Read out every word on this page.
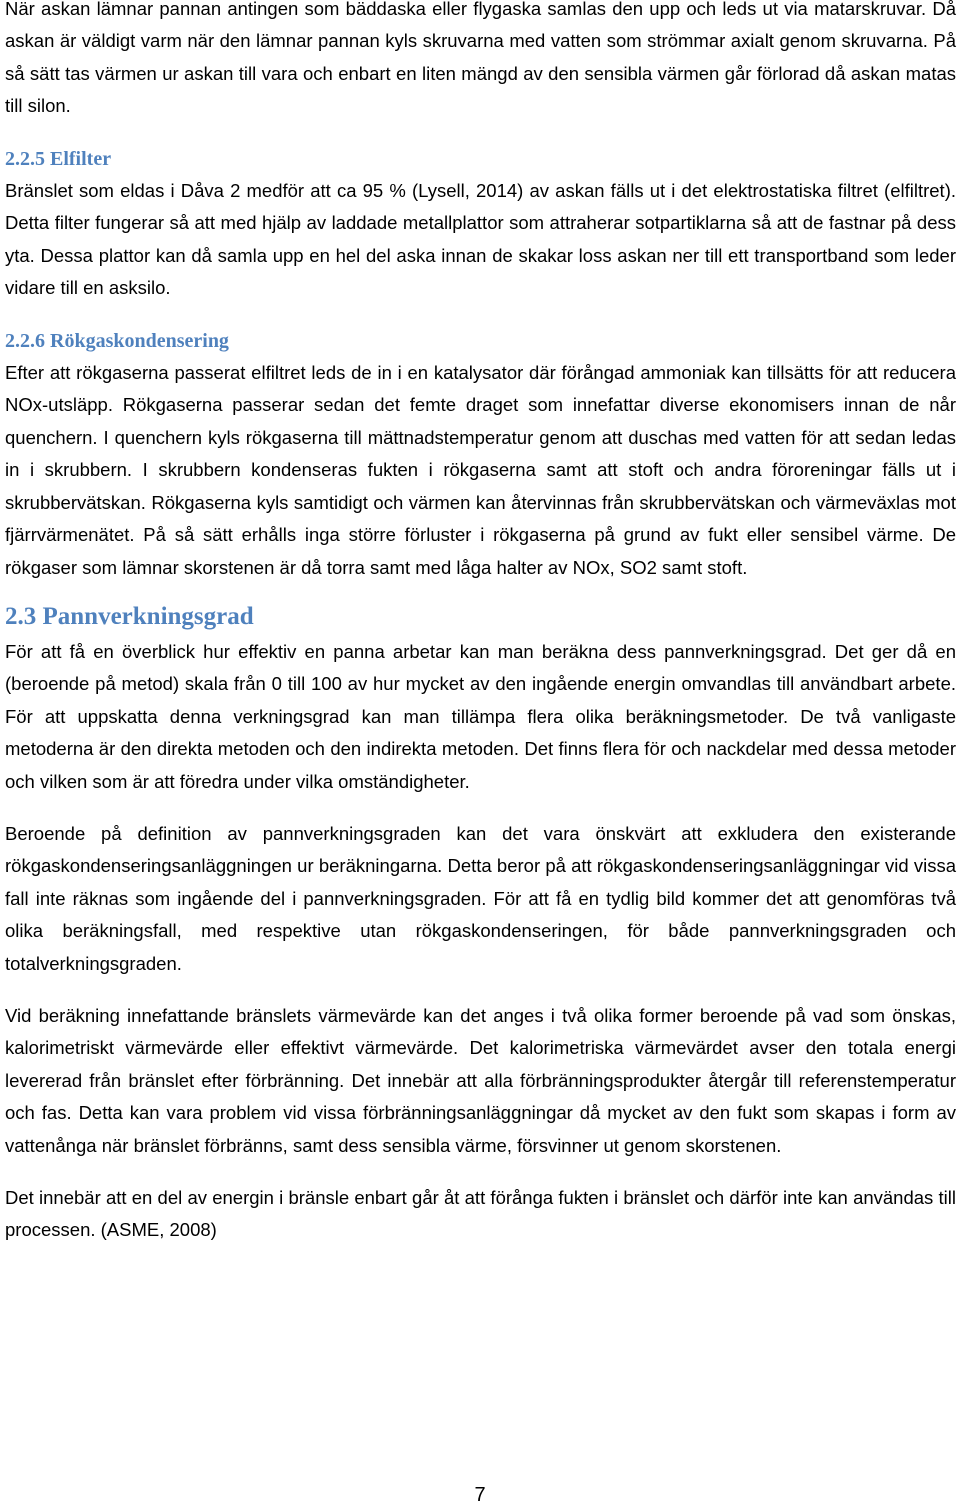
När askan lämnar pannan antingen som bäddaska eller flygaska samlas den upp och leds ut via matarskruvar. Då askan är väldigt varm när den lämnar pannan kyls skruvarna med vatten som strömmar axialt genom skruvarna. På så sätt tas värmen ur askan till vara och enbart en liten mängd av den sensibla värmen går förlorad då askan matas till silon.

2.2.5 Elfilter

Bränslet som eldas i Dåva 2 medför att ca 95 % (Lysell, 2014) av askan fälls ut i det elektrostatiska filtret (elfiltret). Detta filter fungerar så att med hjälp av laddade metallplattor som attraherar sotpartiklarna så att de fastnar på dess yta. Dessa plattor kan då samla upp en hel del aska innan de skakar loss askan ner till ett transportband som leder vidare till en asksilo.

2.2.6 Rökgaskondensering

Efter att rökgaserna passerat elfiltret leds de in i en katalysator där förångad ammoniak kan tillsätts för att reducera NOx-utsläpp. Rökgaserna passerar sedan det femte draget som innefattar diverse ekonomisers innan de når quenchern. I quenchern kyls rökgaserna till mättnadstemperatur genom att duschas med vatten för att sedan ledas in i skrubbern. I skrubbern kondenseras fukten i rökgaserna samt att stoft och andra föroreningar fälls ut i skrubbervätskan. Rökgaserna kyls samtidigt och värmen kan återvinnas från skrubbervätskan och värmeväxlas mot fjärrvärmenätet. På så sätt erhålls inga större förluster i rökgaserna på grund av fukt eller sensibel värme. De rökgaser som lämnar skorstenen är då torra samt med låga halter av NOx, SO2 samt stoft.

2.3 Pannverkningsgrad

För att få en överblick hur effektiv en panna arbetar kan man beräkna dess pannverkningsgrad. Det ger då en (beroende på metod) skala från 0 till 100 av hur mycket av den ingående energin omvandlas till användbart arbete. För att uppskatta denna verkningsgrad kan man tillämpa flera olika beräkningsmetoder. De två vanligaste metoderna är den direkta metoden och den indirekta metoden. Det finns flera för och nackdelar med dessa metoder och vilken som är att föredra under vilka omständigheter.

Beroende på definition av pannverkningsgraden kan det vara önskvärt att exkludera den existerande rökgaskondenseringsanläggningen ur beräkningarna. Detta beror på att rökgaskondenseringsanläggningar vid vissa fall inte räknas som ingående del i pannverkningsgraden. För att få en tydlig bild kommer det att genomföras två olika beräkningsfall, med respektive utan rökgaskondenseringen, för både pannverkningsgraden och totalverkningsgraden.

Vid beräkning innefattande bränslets värmevärde kan det anges i två olika former beroende på vad som önskas, kalorimetriskt värmevärde eller effektivt värmevärde. Det kalorimetriska värmevärdet avser den totala energi levererad från bränslet efter förbränning. Det innebär att alla förbränningsprodukter återgår till referenstemperatur och fas. Detta kan vara problem vid vissa förbränningsanläggningar då mycket av den fukt som skapas i form av vattenånga när bränslet förbränns, samt dess sensibla värme, försvinner ut genom skorstenen.

Det innebär att en del av energin i bränsle enbart går åt att förånga fukten i bränslet och därför inte kan användas till processen. (ASME, 2008)

7
